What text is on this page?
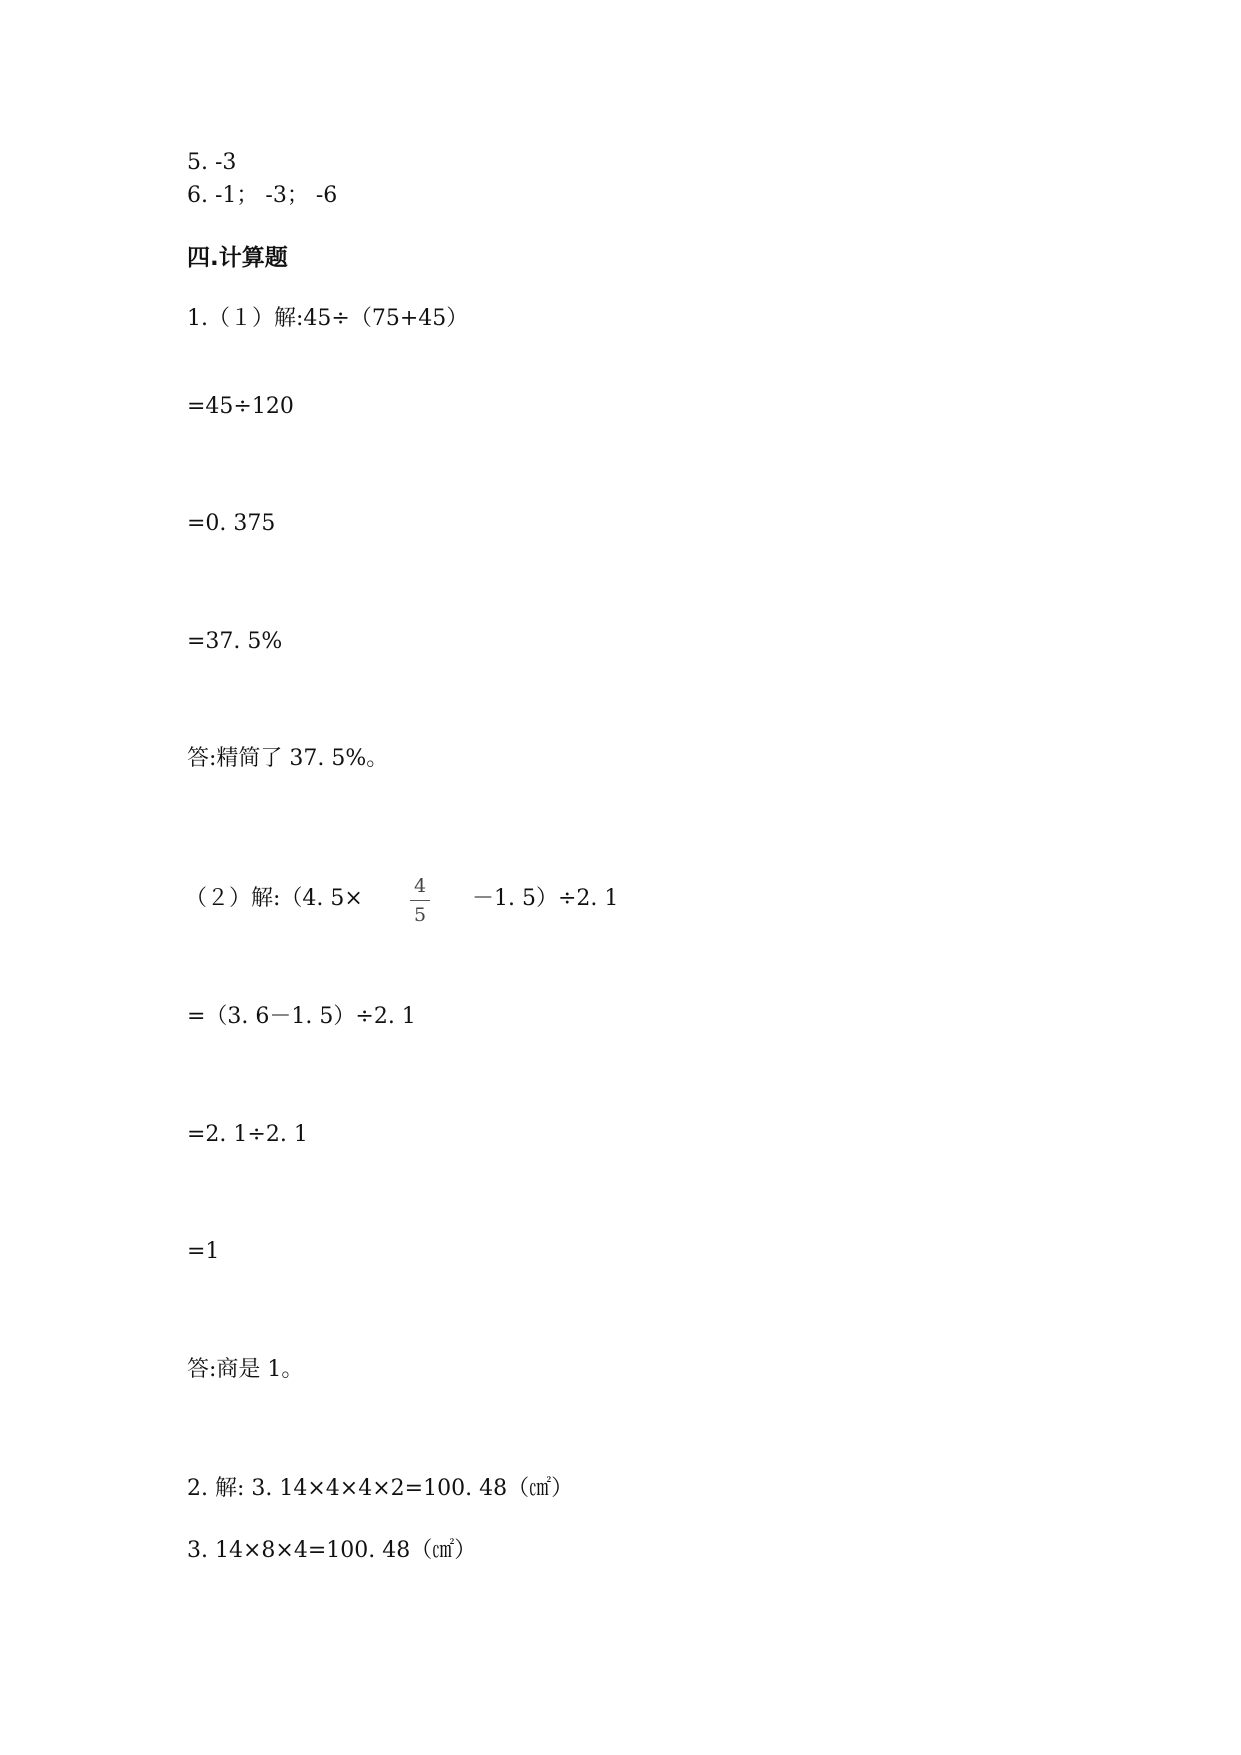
5. -3
6. -1； -3； -6
四.计算题
1.（１）解:45÷（75+45）
=45÷120
=0. 375
=37. 5%
答:精简了 37. 5%。
（２）解:（4. 5×	4
5
－1. 5）÷2. 1
=（3. 6－1. 5）÷2. 1
=2. 1÷2. 1
=1
答:商是 1。
2. 解: 3. 14×4×4×2=100. 48（㎠）
3. 14×8×4=100. 48（㎠）
